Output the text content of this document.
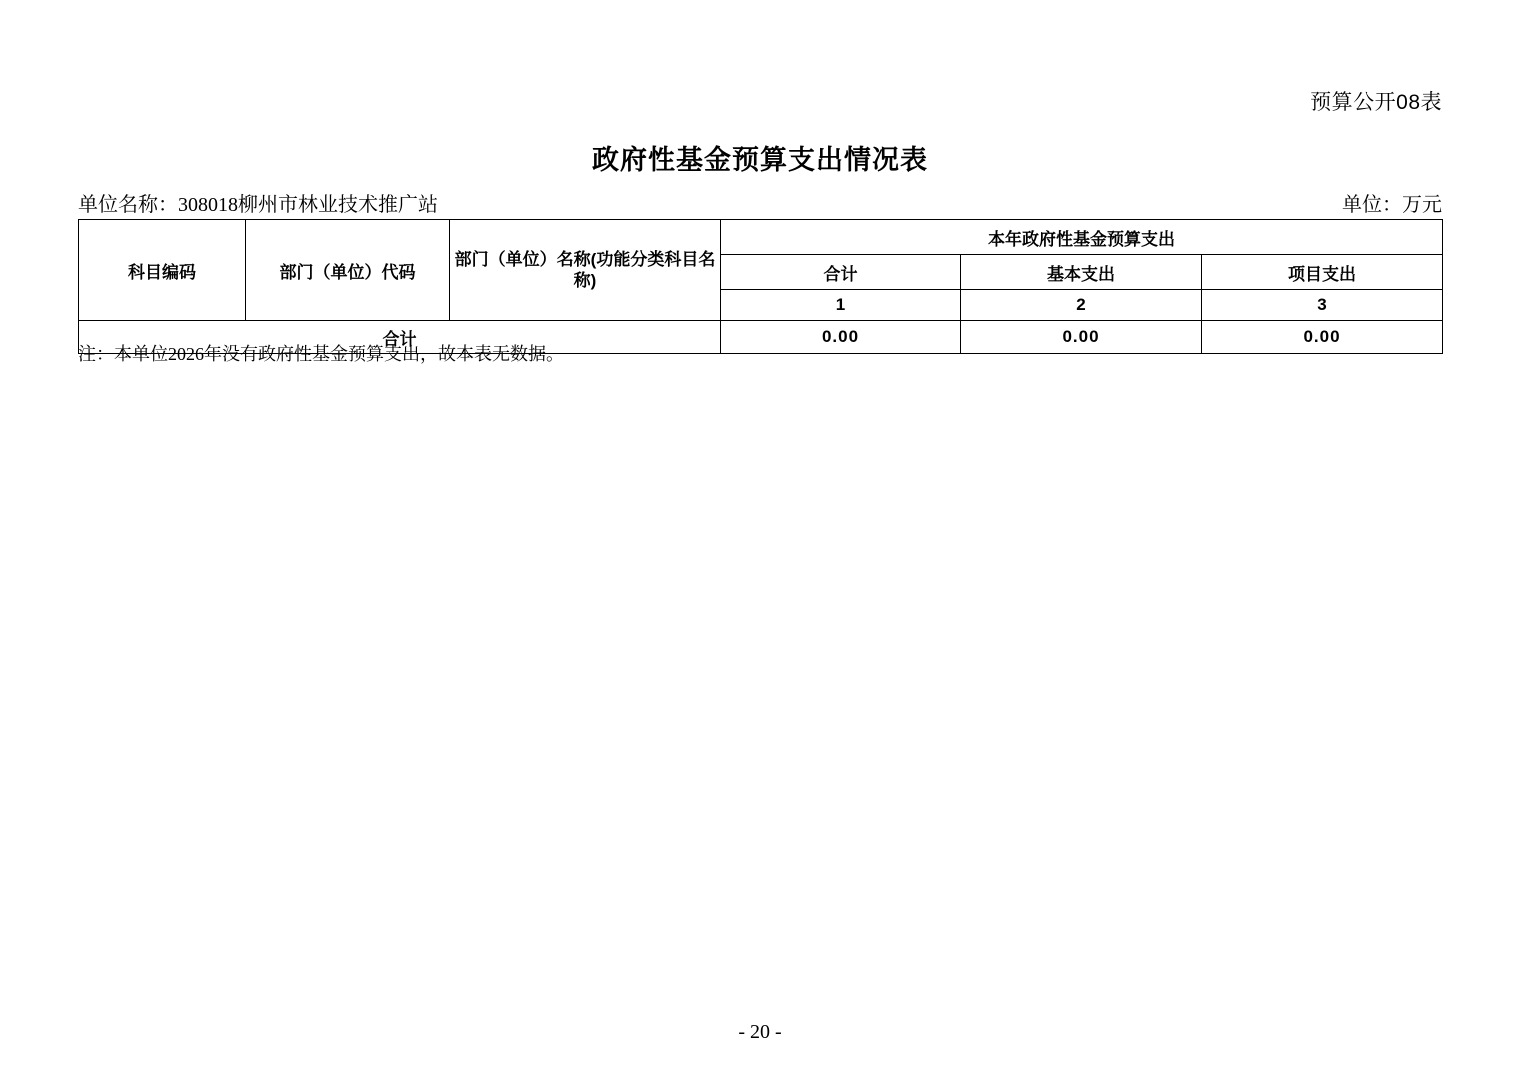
预算公开08表
政府性基金预算支出情况表
单位名称：308018柳州市林业技术推广站	单位：万元
科目编码	部门（单位）代码	部门（单位）名称(功能分类科目名称)	本年政府性基金预算支出		
			合计	基本支出	项目支出
			1	2	3
合计			0.00	0.00	0.00
注：本单位2026年没有政府性基金预算支出，故本表无数据。
- 20 -
